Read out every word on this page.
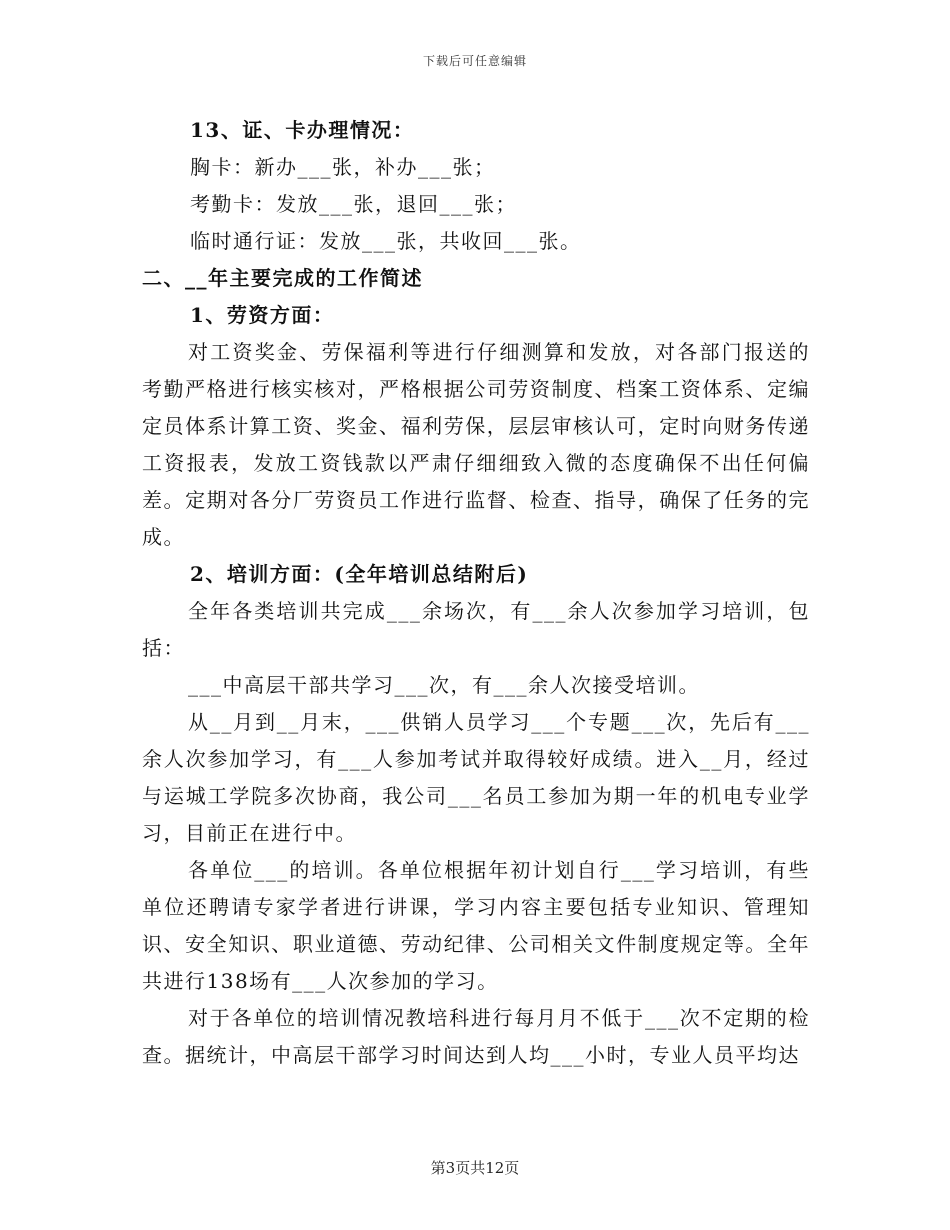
下载后可任意编辑

13、证、卡办理情况：

胸卡：新办___张，补办___张；

考勤卡：发放___张，退回___张；

临时通行证：发放___张，共收回___张。

二、__年主要完成的工作简述

1、劳资方面：

对工资奖金、劳保福利等进行仔细测算和发放，对各部门报送的考勤严格进行核实核对，严格根据公司劳资制度、档案工资体系、定编定员体系计算工资、奖金、福利劳保，层层审核认可，定时向财务传递工资报表，发放工资钱款以严肃仔细细致入微的态度确保不出任何偏差。定期对各分厂劳资员工作进行监督、检查、指导，确保了任务的完成。

2、培训方面：(全年培训总结附后)

全年各类培训共完成___余场次，有___余人次参加学习培训，包括：

___中高层干部共学习___次，有___余人次接受培训。

从__月到__月末，___供销人员学习___个专题___次，先后有___余人次参加学习，有___人参加考试并取得较好成绩。进入__月，经过与运城工学院多次协商，我公司___名员工参加为期一年的机电专业学习，目前正在进行中。

各单位___的培训。各单位根据年初计划自行___学习培训，有些单位还聘请专家学者进行讲课，学习内容主要包括专业知识、管理知识、安全知识、职业道德、劳动纪律、公司相关文件制度规定等。全年共进行138场有___人次参加的学习。

对于各单位的培训情况教培科进行每月月不低于___次不定期的检查。据统计，中高层干部学习时间达到人均___小时，专业人员平均达

第3页共12页
